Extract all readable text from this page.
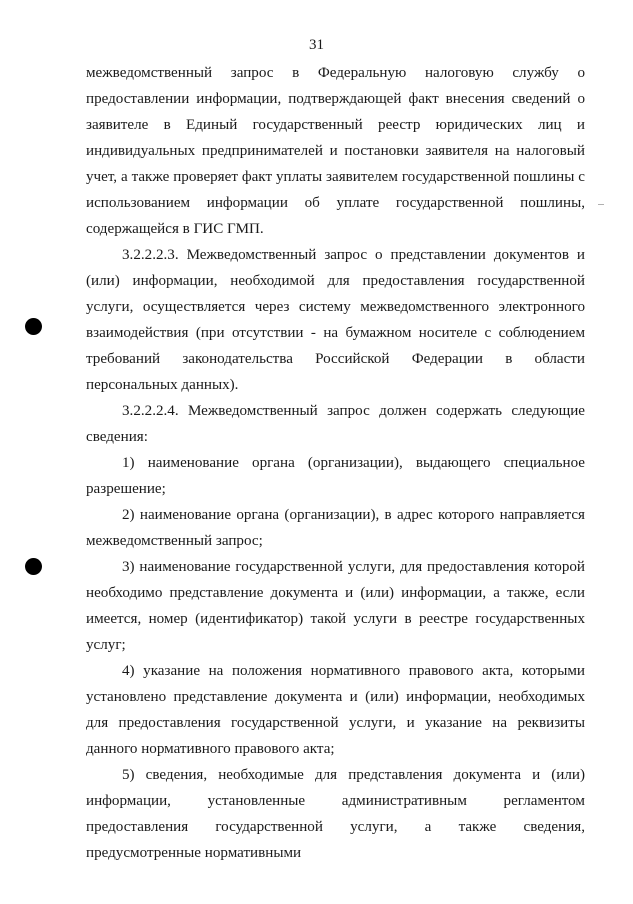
31

межведомственный запрос в Федеральную налоговую службу о предоставлении информации, подтверждающей факт внесения сведений о заявителе в Единый государственный реестр юридических лиц и индивидуальных предпринимателей и постановки заявителя на налоговый учет, а также проверяет факт уплаты заявителем государственной пошлины с использованием информации об уплате государственной пошлины, содержащейся в ГИС ГМП.

3.2.2.2.3. Межведомственный запрос о представлении документов и (или) информации, необходимой для предоставления государственной услуги, осуществляется через систему межведомственного электронного взаимодействия (при отсутствии - на бумажном носителе с соблюдением требований законодательства Российской Федерации в области персональных данных).

3.2.2.2.4. Межведомственный запрос должен содержать следующие сведения:

1) наименование органа (организации), выдающего специальное разрешение;

2) наименование органа (организации), в адрес которого направляется межведомственный запрос;

3) наименование государственной услуги, для предоставления которой необходимо представление документа и (или) информации, а также, если имеется, номер (идентификатор) такой услуги в реестре государственных услуг;

4) указание на положения нормативного правового акта, которыми установлено представление документа и (или) информации, необходимых для предоставления государственной услуги, и указание на реквизиты данного нормативного правового акта;

5) сведения, необходимые для представления документа и (или) информации, установленные административным регламентом предоставления государственной услуги, а также сведения, предусмотренные нормативными
